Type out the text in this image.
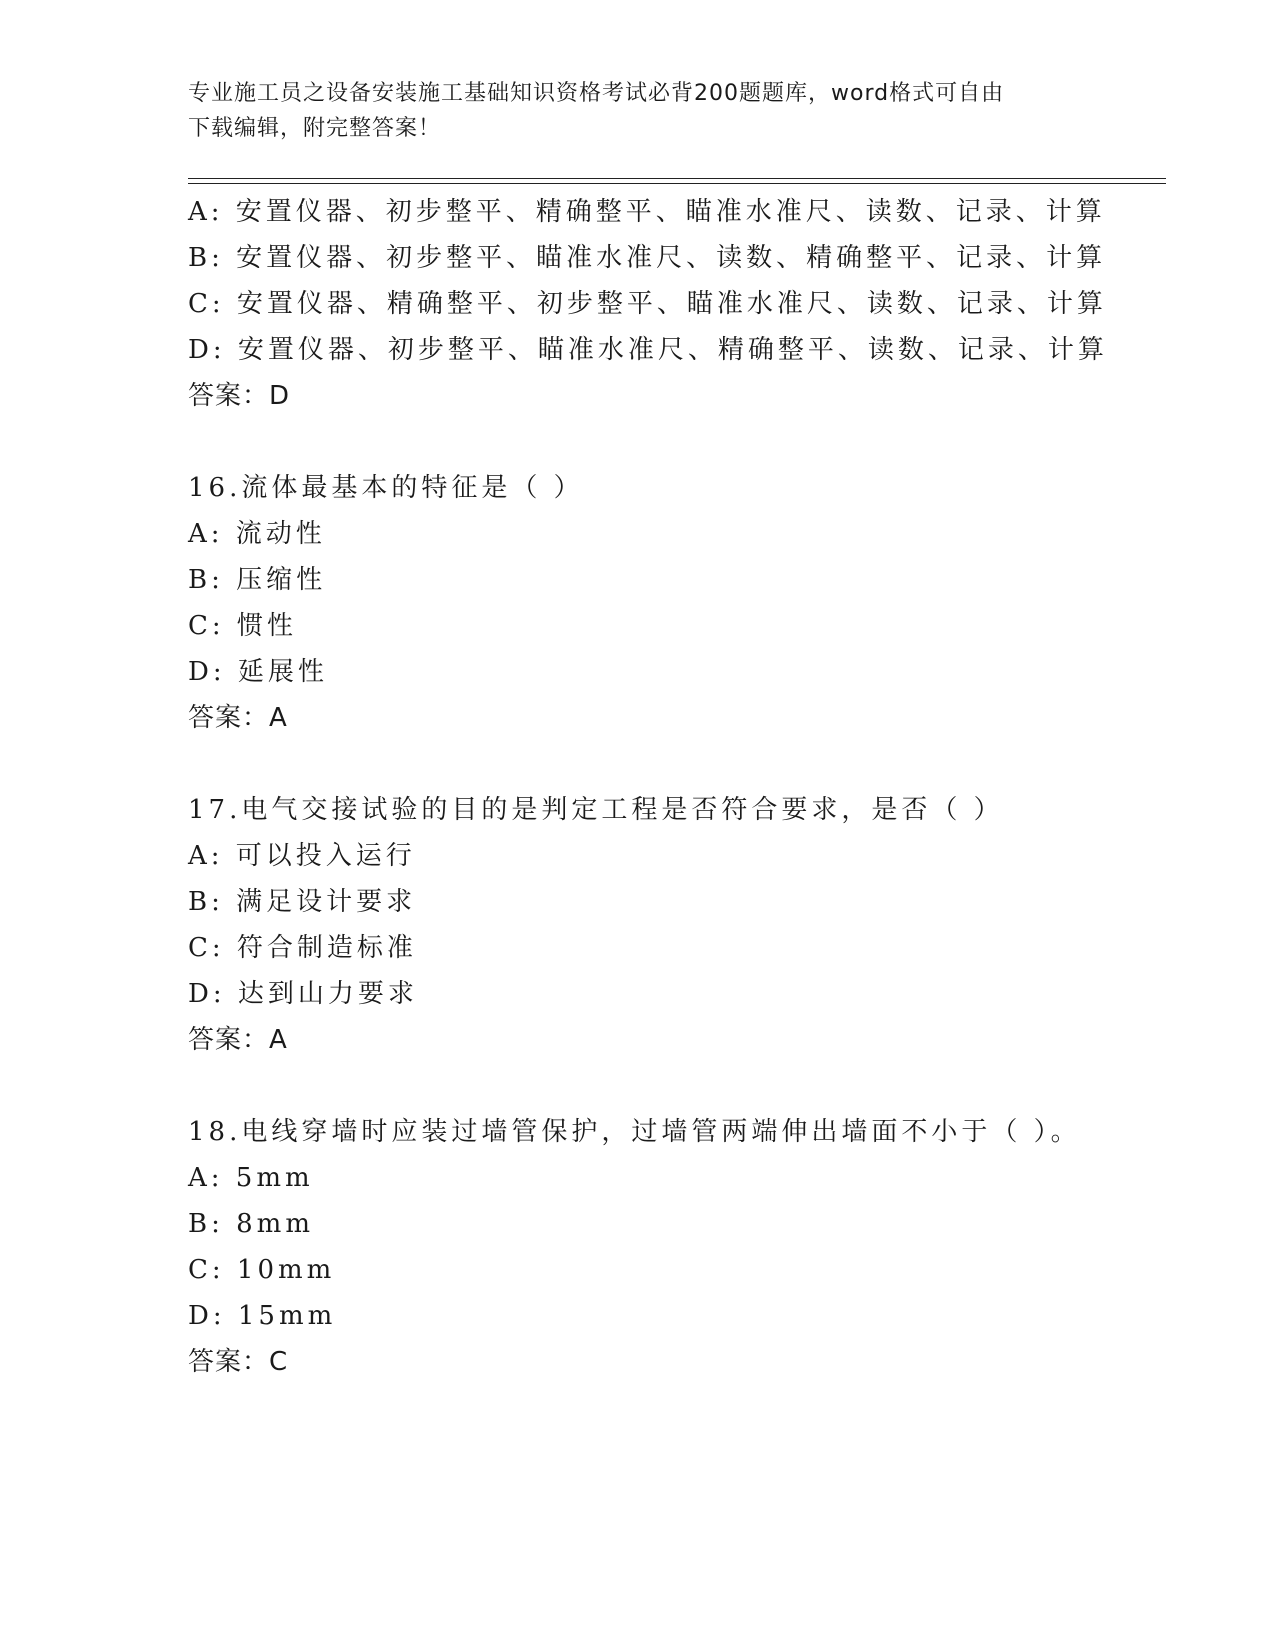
专业施工员之设备安装施工基础知识资格考试必背200题题库，word格式可自由
下载编辑，附完整答案！
A: 安置仪器、初步整平、精确整平、瞄准水准尺、读数、记录、计算
B: 安置仪器、初步整平、瞄准水准尺、读数、精确整平、记录、计算
C: 安置仪器、精确整平、初步整平、瞄准水准尺、读数、记录、计算
D: 安置仪器、初步整平、瞄准水准尺、精确整平、读数、记录、计算
答案：D
16.流体最基本的特征是（ ）
A: 流动性
B: 压缩性
C: 惯性
D: 延展性
答案：A
17.电气交接试验的目的是判定工程是否符合要求，是否（ ）
A: 可以投入运行
B: 满足设计要求
C: 符合制造标准
D: 达到山力要求
答案：A
18.电线穿墙时应装过墙管保护，过墙管两端伸出墙面不小于（ ）。
A: 5mm
B: 8mm
C: 10mm
D: 15mm
答案：C
